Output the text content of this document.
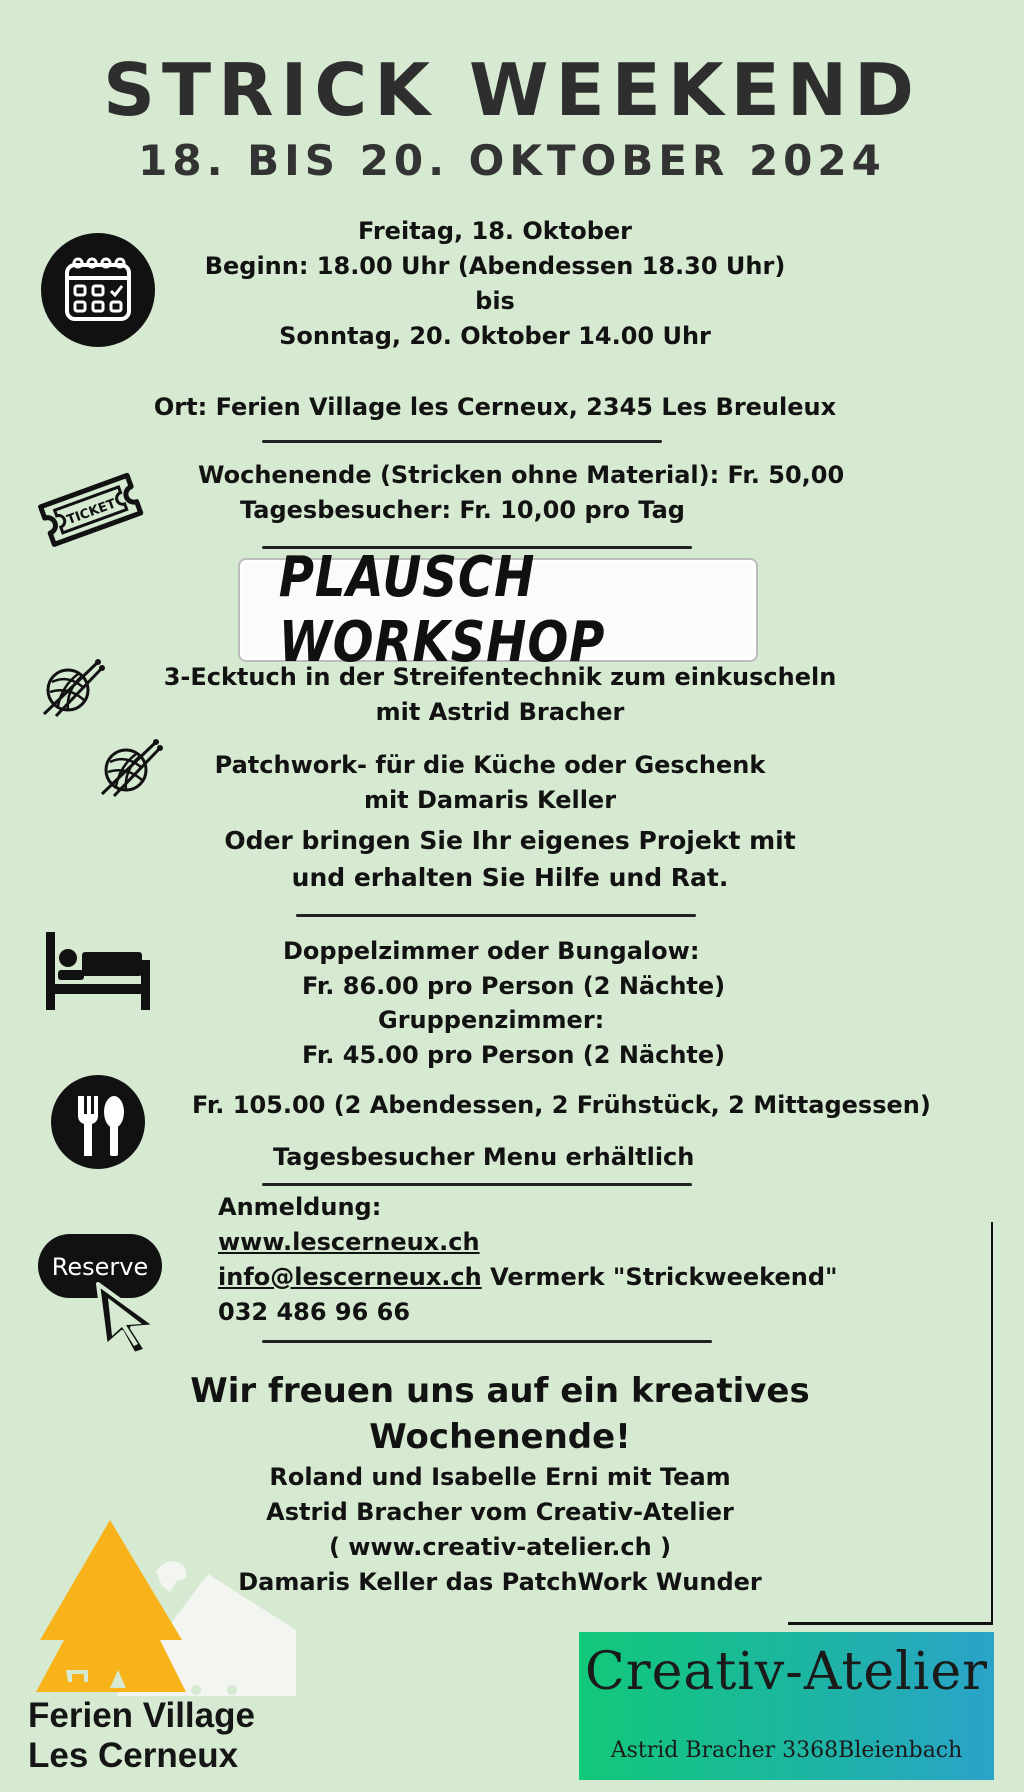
STRICK WEEKEND
18. BIS 20. OKTOBER 2024
Freitag, 18. Oktober
Beginn: 18.00 Uhr (Abendessen 18.30 Uhr)
bis
Sonntag, 20. Oktober 14.00 Uhr
Ort: Ferien Village les Cerneux, 2345 Les Breuleux
TICKET
Wochenende (Stricken ohne Material): Fr. 50,00
Tagesbesucher: Fr. 10,00 pro Tag
PLAUSCH WORKSHOP
3-Ecktuch in der Streifentechnik zum einkuscheln
mit Astrid Bracher
Patchwork- für die Küche oder Geschenk
mit Damaris Keller
Oder bringen Sie Ihr eigenes Projekt mit
und erhalten Sie Hilfe und Rat.
Doppelzimmer oder Bungalow:
Fr. 86.00 pro Person (2 Nächte)
Gruppenzimmer:
Fr. 45.00 pro Person (2 Nächte)
Fr. 105.00 (2 Abendessen, 2 Frühstück, 2 Mittagessen)
Tagesbesucher Menu erhältlich
Reserve
Anmeldung:
www.lescerneux.ch
info@lescerneux.ch Vermerk "Strickweekend"
032 486 96 66
Wir freuen uns auf ein kreatives
Wochenende!
Roland und Isabelle Erni mit Team
Astrid Bracher vom Creativ-Atelier
( www.creativ-atelier.ch )
Damaris Keller das PatchWork Wunder
Ferien Village
Les Cerneux
Creativ-Atelier
Astrid Bracher 3368Bleienbach
